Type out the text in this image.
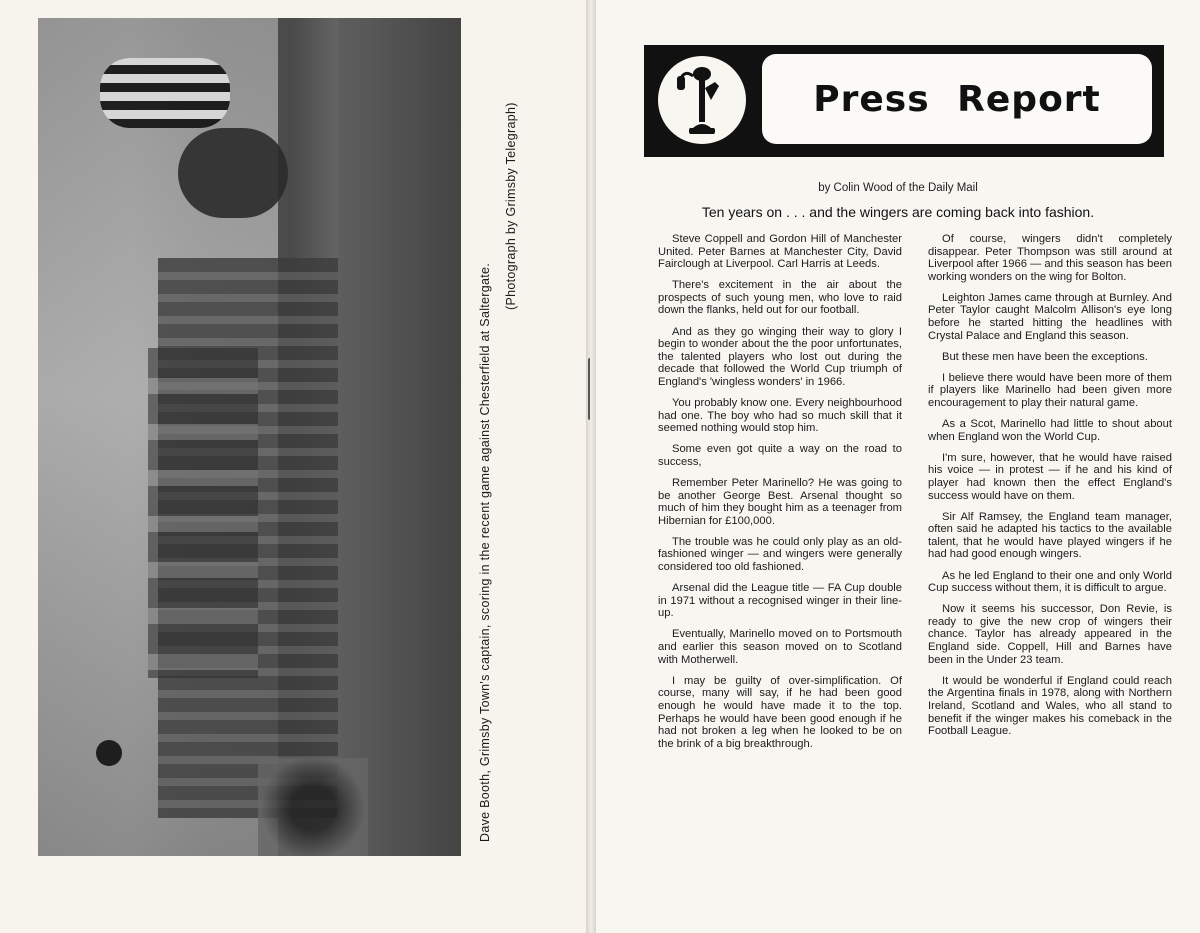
Dave Booth, Grimsby Town's captain, scoring in the recent game against Chesterfield at Saltergate.
(Photograph by Grimsby Telegraph)
Press Report
by Colin Wood of the Daily Mail
Ten years on . . . and the wingers are coming back into fashion.

Steve Coppell and Gordon Hill of Manchester United. Peter Barnes at Manchester City, David Fairclough at Liverpool. Carl Harris at Leeds.

There's excitement in the air about the prospects of such young men, who love to raid down the flanks, held out for our football.

And as they go winging their way to glory I begin to wonder about the the poor unfortunates, the talented players who lost out during the decade that followed the World Cup triumph of England's 'wingless wonders' in 1966.

You probably know one. Every neighbourhood had one. The boy who had so much skill that it seemed nothing would stop him.

Some even got quite a way on the road to success,

Remember Peter Marinello? He was going to be another George Best. Arsenal thought so much of him they bought him as a teenager from Hibernian for £100,000.

The trouble was he could only play as an old-fashioned winger — and wingers were generally considered too old fashioned.

Arsenal did the League title — FA Cup double in 1971 without a recognised winger in their line-up.

Eventually, Marinello moved on to Portsmouth and earlier this season moved on to Scotland with Motherwell.

I may be guilty of over-simplification. Of course, many will say, if he had been good enough he would have made it to the top. Perhaps he would have been good enough if he had not broken a leg when he looked to be on the brink of a big breakthrough.

Of course, wingers didn't completely disappear. Peter Thompson was still around at Liverpool after 1966 — and this season has been working wonders on the wing for Bolton.

Leighton James came through at Burnley. And Peter Taylor caught Malcolm Allison's eye long before he started hitting the headlines with Crystal Palace and England this season.

But these men have been the exceptions.

I believe there would have been more of them if players like Marinello had been given more encouragement to play their natural game.

As a Scot, Marinello had little to shout about when England won the World Cup.

I'm sure, however, that he would have raised his voice — in protest — if he and his kind of player had known then the effect England's success would have on them.

Sir Alf Ramsey, the England team manager, often said he adapted his tactics to the available talent, that he would have played wingers if he had had good enough wingers.

As he led England to their one and only World Cup success without them, it is difficult to argue.

Now it seems his successor, Don Revie, is ready to give the new crop of wingers their chance. Taylor has already appeared in the England side. Coppell, Hill and Barnes have been in the Under 23 team.

It would be wonderful if England could reach the Argentina finals in 1978, along with Northern Ireland, Scotland and Wales, who all stand to benefit if the winger makes his comeback in the Football League.
